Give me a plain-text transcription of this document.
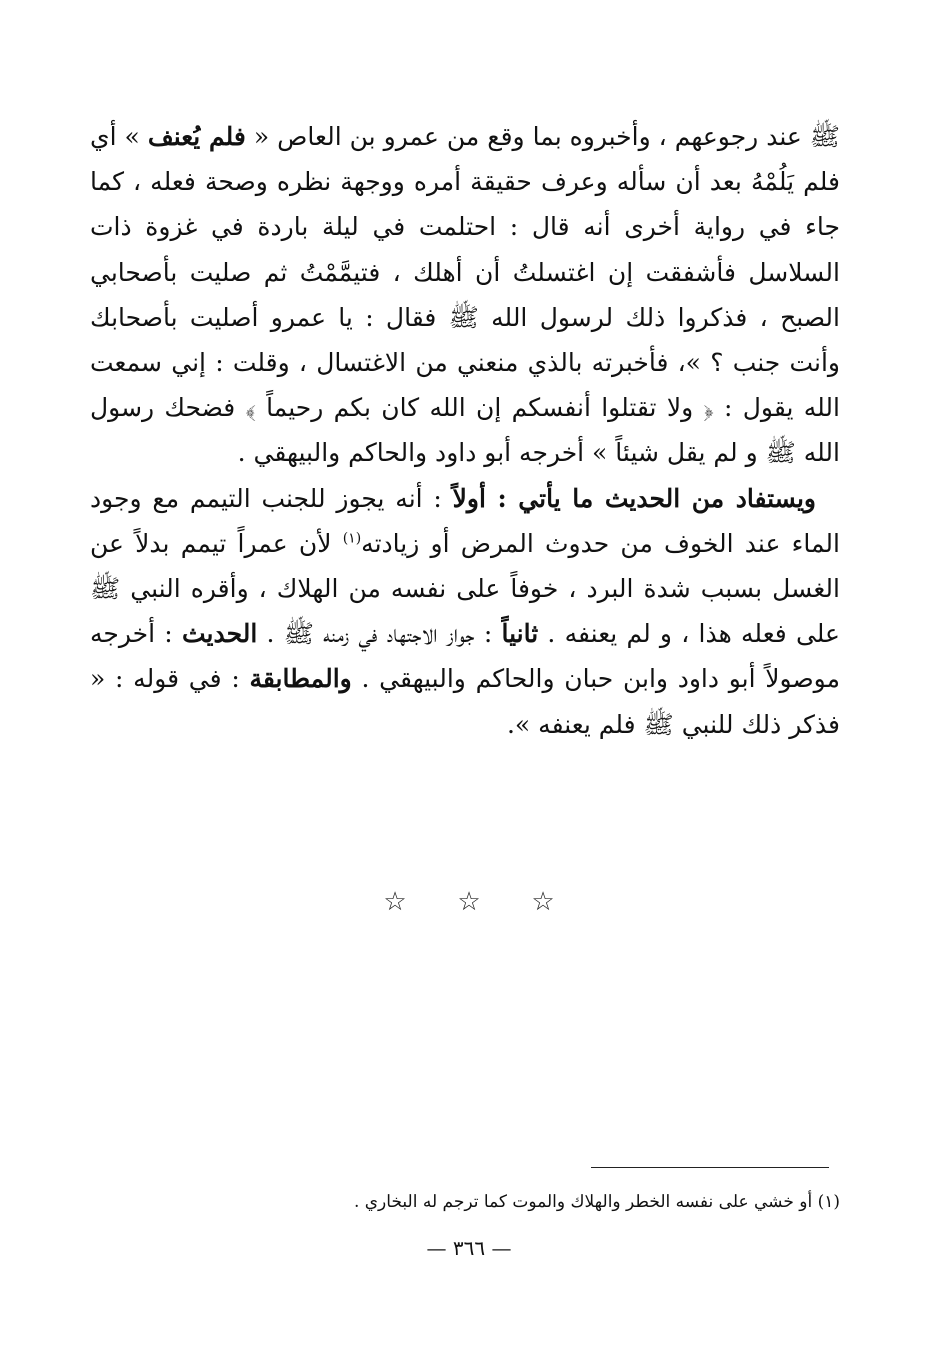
ﷺ عند رجوعهم ، وأخبروه بما وقع من عمرو بن العاص « فلم يُعنف » أي فلم يَلُمْهُ بعد أن سأله وعرف حقيقة أمره ووجهة نظره وصحة فعله ، كما جاء في رواية أخرى أنه قال : احتلمت في ليلة باردة في غزوة ذات السلاسل فأشفقت إن اغتسلتُ أن أهلك ، فتيمَّمْتُ ثم صليت بأصحابي الصبح ، فذكروا ذلك لرسول الله ﷺ فقال : يا عمرو أصليت بأصحابك وأنت جنب ؟ »، فأخبرته بالذي منعني من الاغتسال ، وقلت : إني سمعت الله يقول : ﴿ ولا تقتلوا أنفسكم إن الله كان بكم رحيماً ﴾ فضحك رسول الله ﷺ و لم يقل شيئاً » أخرجه أبو داود والحاكم والبيهقي .

ويستفاد من الحديث ما يأتي : أولاً : أنه يجوز للجنب التيمم مع وجود الماء عند الخوف من حدوث المرض أو زيادته$^{(١)}$ لأن عمراً تيمم بدلاً عن الغسل بسبب شدة البرد ، خوفاً على نفسه من الهلاك ، وأقره النبي ﷺ على فعله هذا ، و لم يعنفه . ثانياً : جواز الاجتهاد في زمنه ﷺ . الحديث : أخرجه موصولاً أبو داود وابن حبان والحاكم والبيهقي . والمطابقة : في قوله : « فذكر ذلك للنبي ﷺ فلم يعنفه ».

☆ ☆ ☆
(١) أو خشي على نفسه الخطر والهلاك والموت كما ترجم له البخاري .
— ٣٦٦ —
